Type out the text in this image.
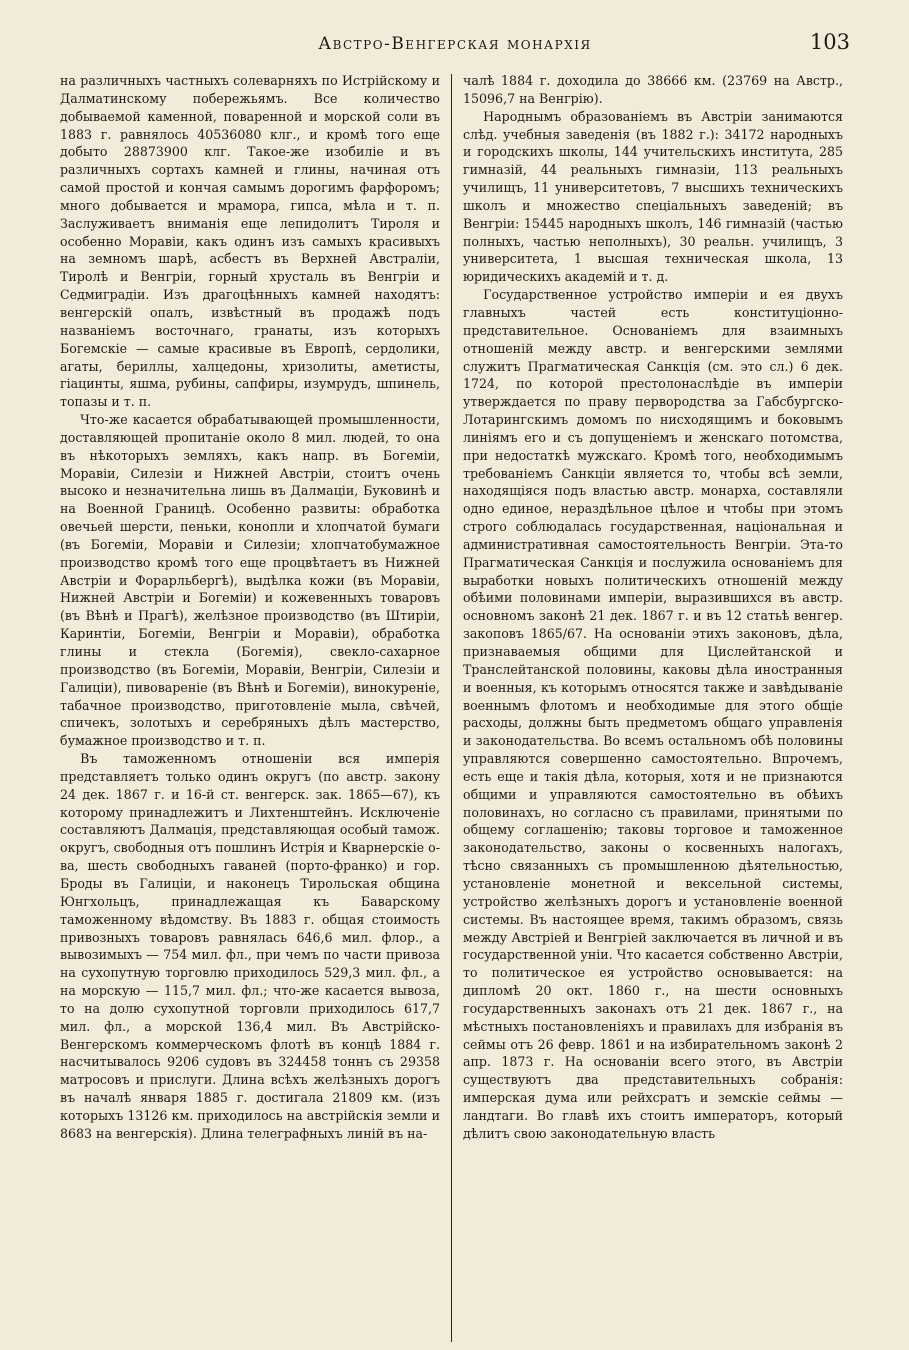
Австро-Венгерская монархія	103

на различныхъ частныхъ солеварняхъ по Истрійскому и Далматинскому побережьямъ. Все количество добываемой каменной, поваренной и морской соли въ 1883 г. равнялось 40536080 клг., и кромѣ того еще добыто 28873900 клг. Такое-же изобиліе и въ различныхъ сортахъ камней и глины, начиная отъ самой простой и кончая самымъ дорогимъ фарфоромъ; много добывается и мрамора, гипса, мѣла и т. п. Заслуживаетъ вниманія еще лепидолитъ Тироля и особенно Моравіи, какъ одинъ изъ самыхъ красивыхъ на земномъ шарѣ, асбестъ въ Верхней Австраліи, Тиролѣ и Венгріи, горный хрусталь въ Венгріи и Седмиградіи. Изъ драгоцѣнныхъ камней находятъ: венгерскій опалъ, извѣстный въ продажѣ подъ названіемъ восточнаго, гранаты, изъ которыхъ Богемскіе — самые красивые въ Европѣ, сердолики, агаты, бериллы, халцедоны, хризолиты, аметисты, гіацинты, яшма, рубины, сапфиры, изумрудъ, шпинель, топазы и т. п.

Что-же касается обрабатывающей промышленности, доставляющей пропитаніе около 8 мил. людей, то она въ нѣкоторыхъ земляхъ, какъ напр. въ Богеміи, Моравіи, Силезіи и Нижней Австріи, стоитъ очень высоко и незначительна лишь въ Далмаціи, Буковинѣ и на Военной Границѣ. Особенно развиты: обработка овечьей шерсти, пеньки, конопли и хлопчатой бумаги (въ Богеміи, Моравіи и Силезіи; хлопчатобумажное производство кромѣ того еще процвѣтаетъ въ Нижней Австріи и Форарльбергѣ), выдѣлка кожи (въ Моравіи, Нижней Австріи и Богеміи) и кожевенныхъ товаровъ (въ Вѣнѣ и Прагѣ), желѣзное производство (въ Штиріи, Каринтіи, Богеміи, Венгріи и Моравіи), обработка глины и стекла (Богемія), свекло-сахарное производство (въ Богеміи, Моравіи, Венгріи, Силезіи и Галиціи), пивовареніе (въ Вѣнѣ и Богеміи), винокуреніе, табачное производство, приготовленіе мыла, свѣчей, спичекъ, золотыхъ и серебряныхъ дѣлъ мастерство, бумажное производство и т. п.

Въ таможенномъ отношеніи вся имперія представляетъ только одинъ округъ (по австр. закону 24 дек. 1867 г. и 16-й ст. венгерск. зак. 1865—67), къ которому принадлежитъ и Лихтенштейнъ. Исключеніе составляютъ Далмація, представляющая особый тамож. округъ, свободныя отъ пошлинъ Истрія и Кварнерскіе о-ва, шесть свободныхъ гаваней (порто-франко) и гор. Броды въ Галиціи, и наконецъ Тирольская община Юнгхольцъ, принадлежащая къ Баварскому таможенному вѣдомству. Въ 1883 г. общая стоимость привозныхъ товаровъ равнялась 646,6 мил. флор., а вывозимыхъ — 754 мил. фл., при чемъ по части привоза на сухопутную торговлю приходилось 529,3 мил. фл., а на морскую — 115,7 мил. фл.; что-же касается вывоза, то на долю сухопутной торговли приходилось 617,7 мил. фл., а морской 136,4 мил. Въ Австрійско-Венгерскомъ коммерческомъ флотѣ въ концѣ 1884 г. насчитывалось 9206 судовъ въ 324458 тоннъ съ 29358 матросовъ и прислуги. Длина всѣхъ желѣзныхъ дорогъ въ началѣ января 1885 г. достигала 21809 км. (изъ которыхъ 13126 км. приходилось на австрійскія земли и 8683 на венгерскія). Длина телеграфныхъ линій въ на-

чалѣ 1884 г. доходила до 38666 км. (23769 на Австр., 15096,7 на Венгрію).

Народнымъ образованіемъ въ Австріи занимаются слѣд. учебныя заведенія (въ 1882 г.): 34172 народныхъ и городскихъ школы, 144 учительскихъ института, 285 гимназій, 44 реальныхъ гимназіи, 113 реальныхъ училищъ, 11 университетовъ, 7 высшихъ техническихъ школъ и множество спеціальныхъ заведеній; въ Венгріи: 15445 народныхъ школъ, 146 гимназій (частью полныхъ, частью неполныхъ), 30 реальн. училищъ, 3 университета, 1 высшая техническая школа, 13 юридическихъ академій и т. д.

Государственное устройство имперіи и ея двухъ главныхъ частей есть конституціонно-представительное. Основаніемъ для взаимныхъ отношеній между австр. и венгерскими землями служитъ Прагматическая Санкція (см. это сл.) 6 дек. 1724, по которой престолонаслѣдіе въ имперіи утверждается по праву первородства за Габсбургско-Лотарингскимъ домомъ по нисходящимъ и боковымъ линіямъ его и съ допущеніемъ и женскаго потомства, при недостаткѣ мужскаго. Кромѣ того, необходимымъ требованіемъ Санкціи является то, чтобы всѣ земли, находящіяся подъ властью австр. монарха, составляли одно единое, нераздѣльное цѣлое и чтобы при этомъ строго соблюдалась государственная, національная и административная самостоятельность Венгріи. Эта-то Прагматическая Санкція и послужила основаніемъ для выработки новыхъ политическихъ отношеній между обѣими половинами имперіи, выразившихся въ австр. основномъ законѣ 21 дек. 1867 г. и въ 12 статьѣ венгер. закоповъ 1865/67. На основаніи этихъ законовъ, дѣла, признаваемыя общими для Цислейтанской и Транслейтанской половины, каковы дѣла иностранныя и военныя, къ которымъ относятся также и завѣдываніе военнымъ флотомъ и необходимые для этого общіе расходы, должны быть предметомъ общаго управленія и законодательства. Во всемъ остальномъ обѣ половины управляются совершенно самостоятельно. Впрочемъ, есть еще и такія дѣла, которыя, хотя и не признаются общими и управляются самостоятельно въ обѣихъ половинахъ, но согласно съ правилами, принятыми по общему соглашенію; таковы торговое и таможенное законодательство, законы о косвенныхъ налогахъ, тѣсно связанныхъ съ промышленною дѣятельностью, установленіе монетной и вексельной системы, устройство желѣзныхъ дорогъ и установленіе военной системы. Въ настоящее время, такимъ образомъ, связь между Австріей и Венгріей заключается въ личной и въ государственной уніи. Что касается собственно Австріи, то политическое ея устройство основывается: на дипломѣ 20 окт. 1860 г., на шести основныхъ государственныхъ законахъ отъ 21 дек. 1867 г., на мѣстныхъ постановленіяхъ и правилахъ для избранія въ сеймы отъ 26 февр. 1861 и на избирательномъ законѣ 2 апр. 1873 г. На основаніи всего этого, въ Австріи существуютъ два представительныхъ собранія: имперская дума или рейхсратъ и земскіе сеймы — ландтаги. Во главѣ ихъ стоитъ императоръ, который дѣлитъ свою законодательную власть
